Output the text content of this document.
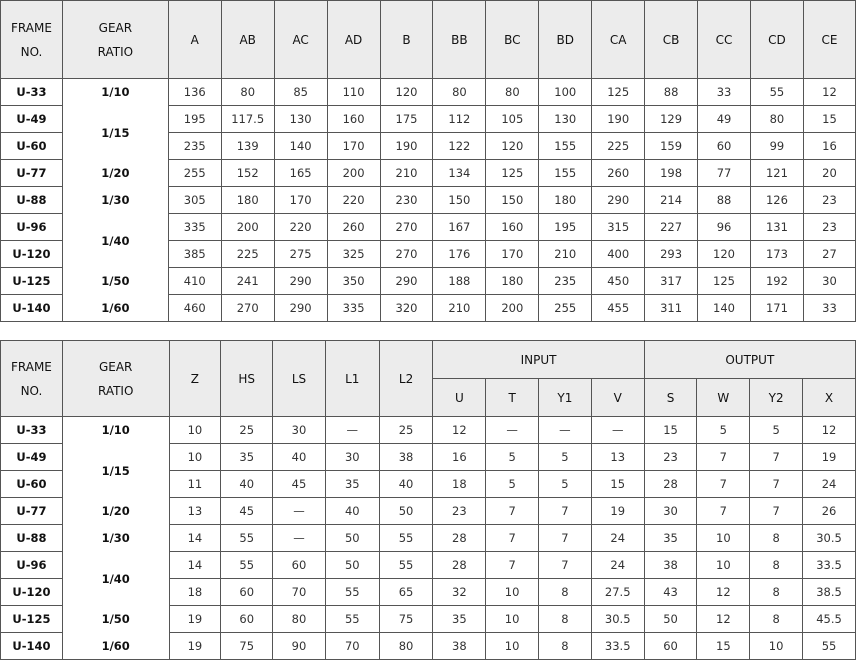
FRAME
NO.	GEAR
RATIO	A	AB	AC	AD	B	BB	BC	BD	CA	CB	CC	CD	CE
U-33	1/10	136	80	85	110	120	80	80	100	125	88	33	55	12
U-49	1/15	195	117.5	130	160	175	112	105	130	190	129	49	80	15
U-60		235	139	140	170	190	122	120	155	225	159	60	99	16
U-77	1/20	255	152	165	200	210	134	125	155	260	198	77	121	20
U-88	1/30	305	180	170	220	230	150	150	180	290	214	88	126	23
U-96	1/40	335	200	220	260	270	167	160	195	315	227	96	131	23
U-120		385	225	275	325	270	176	170	210	400	293	120	173	27
U-125	1/50	410	241	290	350	290	188	180	235	450	317	125	192	30
U-140	1/60	460	270	290	335	320	210	200	255	455	311	140	171	33
FRAME
NO.	GEAR
RATIO	Z	HS	LS	L1	L2	INPUT				OUTPUT			
							U	T	Y1	V	S	W	Y2	X
U-33	1/10	10	25	30	—	25	12	—	—	—	15	5	5	12
U-49	1/15	10	35	40	30	38	16	5	5	13	23	7	7	19
U-60		11	40	45	35	40	18	5	5	15	28	7	7	24
U-77	1/20	13	45	—	40	50	23	7	7	19	30	7	7	26
U-88	1/30	14	55	—	50	55	28	7	7	24	35	10	8	30.5
U-96	1/40	14	55	60	50	55	28	7	7	24	38	10	8	33.5
U-120		18	60	70	55	65	32	10	8	27.5	43	12	8	38.5
U-125	1/50	19	60	80	55	75	35	10	8	30.5	50	12	8	45.5
U-140	1/60	19	75	90	70	80	38	10	8	33.5	60	15	10	55
